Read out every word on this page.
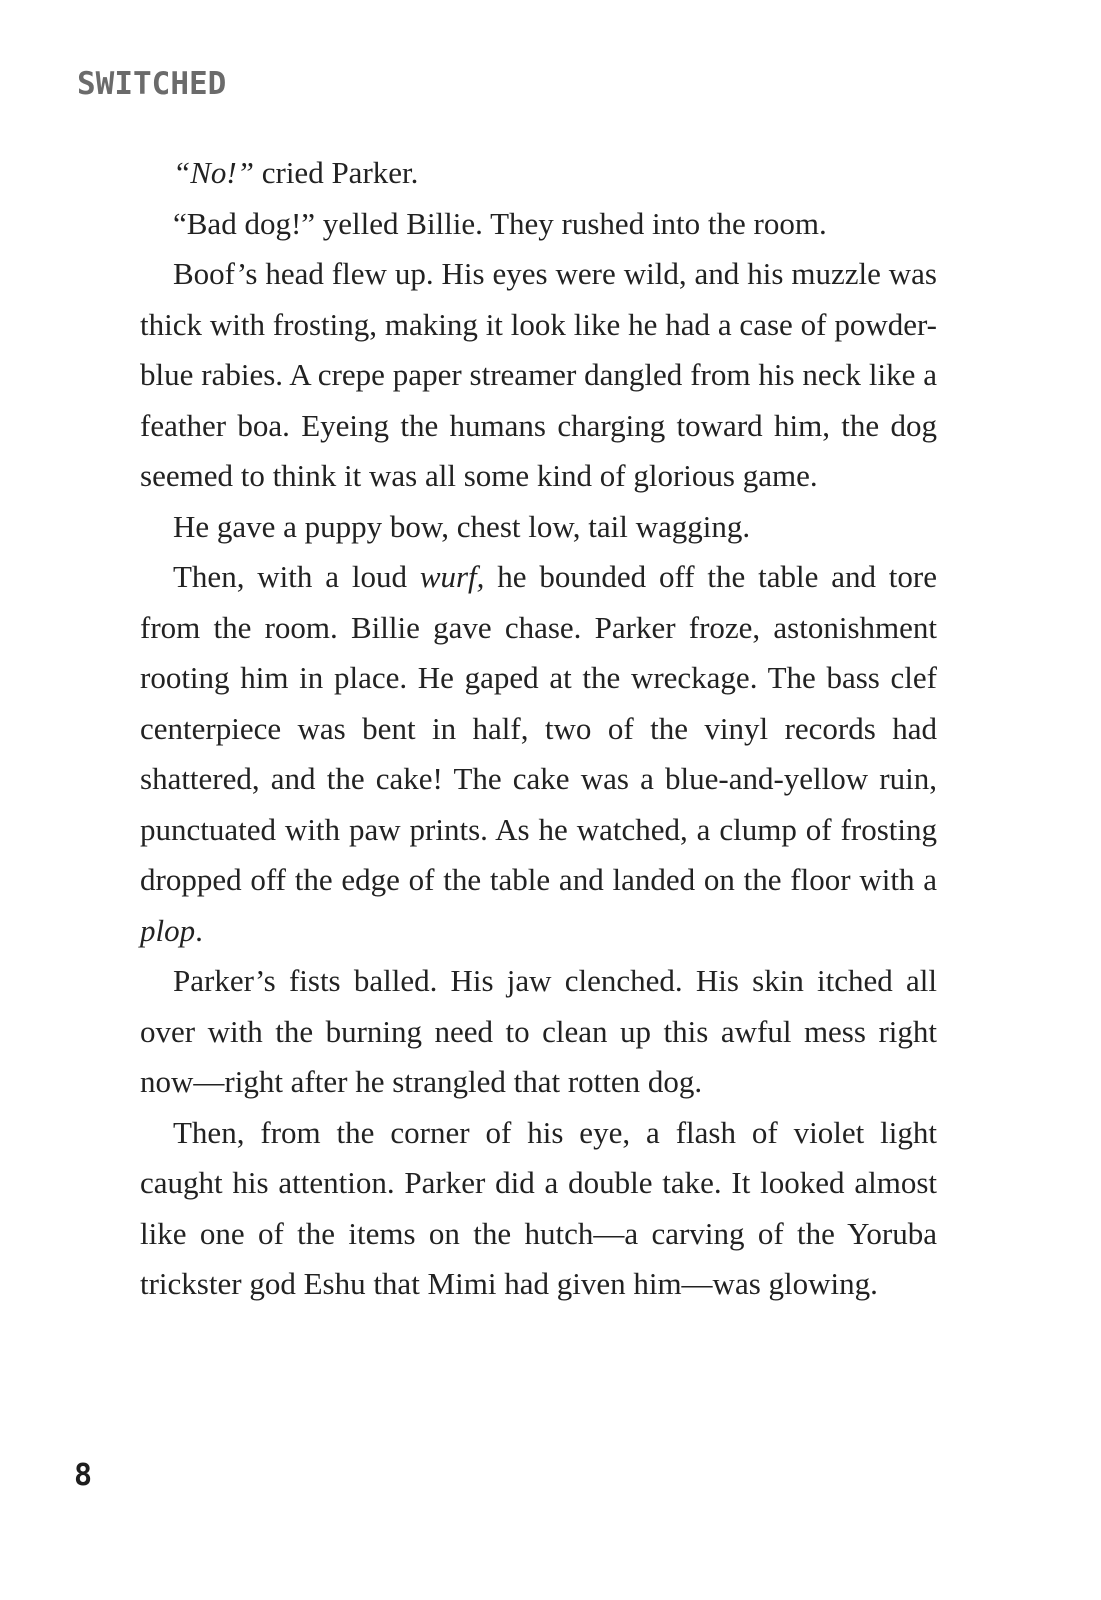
SWITCHED

“No!” cried Parker.

“Bad dog!” yelled Billie. They rushed into the room.

Boof’s head flew up. His eyes were wild, and his muzzle was thick with frosting, making it look like he had a case of powder-blue rabies. A crepe paper streamer dangled from his neck like a feather boa. Eyeing the humans charging toward him, the dog seemed to think it was all some kind of glorious game.

He gave a puppy bow, chest low, tail wagging.

Then, with a loud wurf, he bounded off the table and tore from the room. Billie gave chase. Parker froze, astonishment rooting him in place. He gaped at the wreckage. The bass clef centerpiece was bent in half, two of the vinyl records had shattered, and the cake! The cake was a blue-and-yellow ruin, punctuated with paw prints. As he watched, a clump of frosting dropped off the edge of the table and landed on the floor with a plop.

Parker’s fists balled. His jaw clenched. His skin itched all over with the burning need to clean up this awful mess right now—right after he strangled that rotten dog.

Then, from the corner of his eye, a flash of violet light caught his attention. Parker did a double take. It looked almost like one of the items on the hutch—a carving of the Yoruba trickster god Eshu that Mimi had given him—was glowing.

8
